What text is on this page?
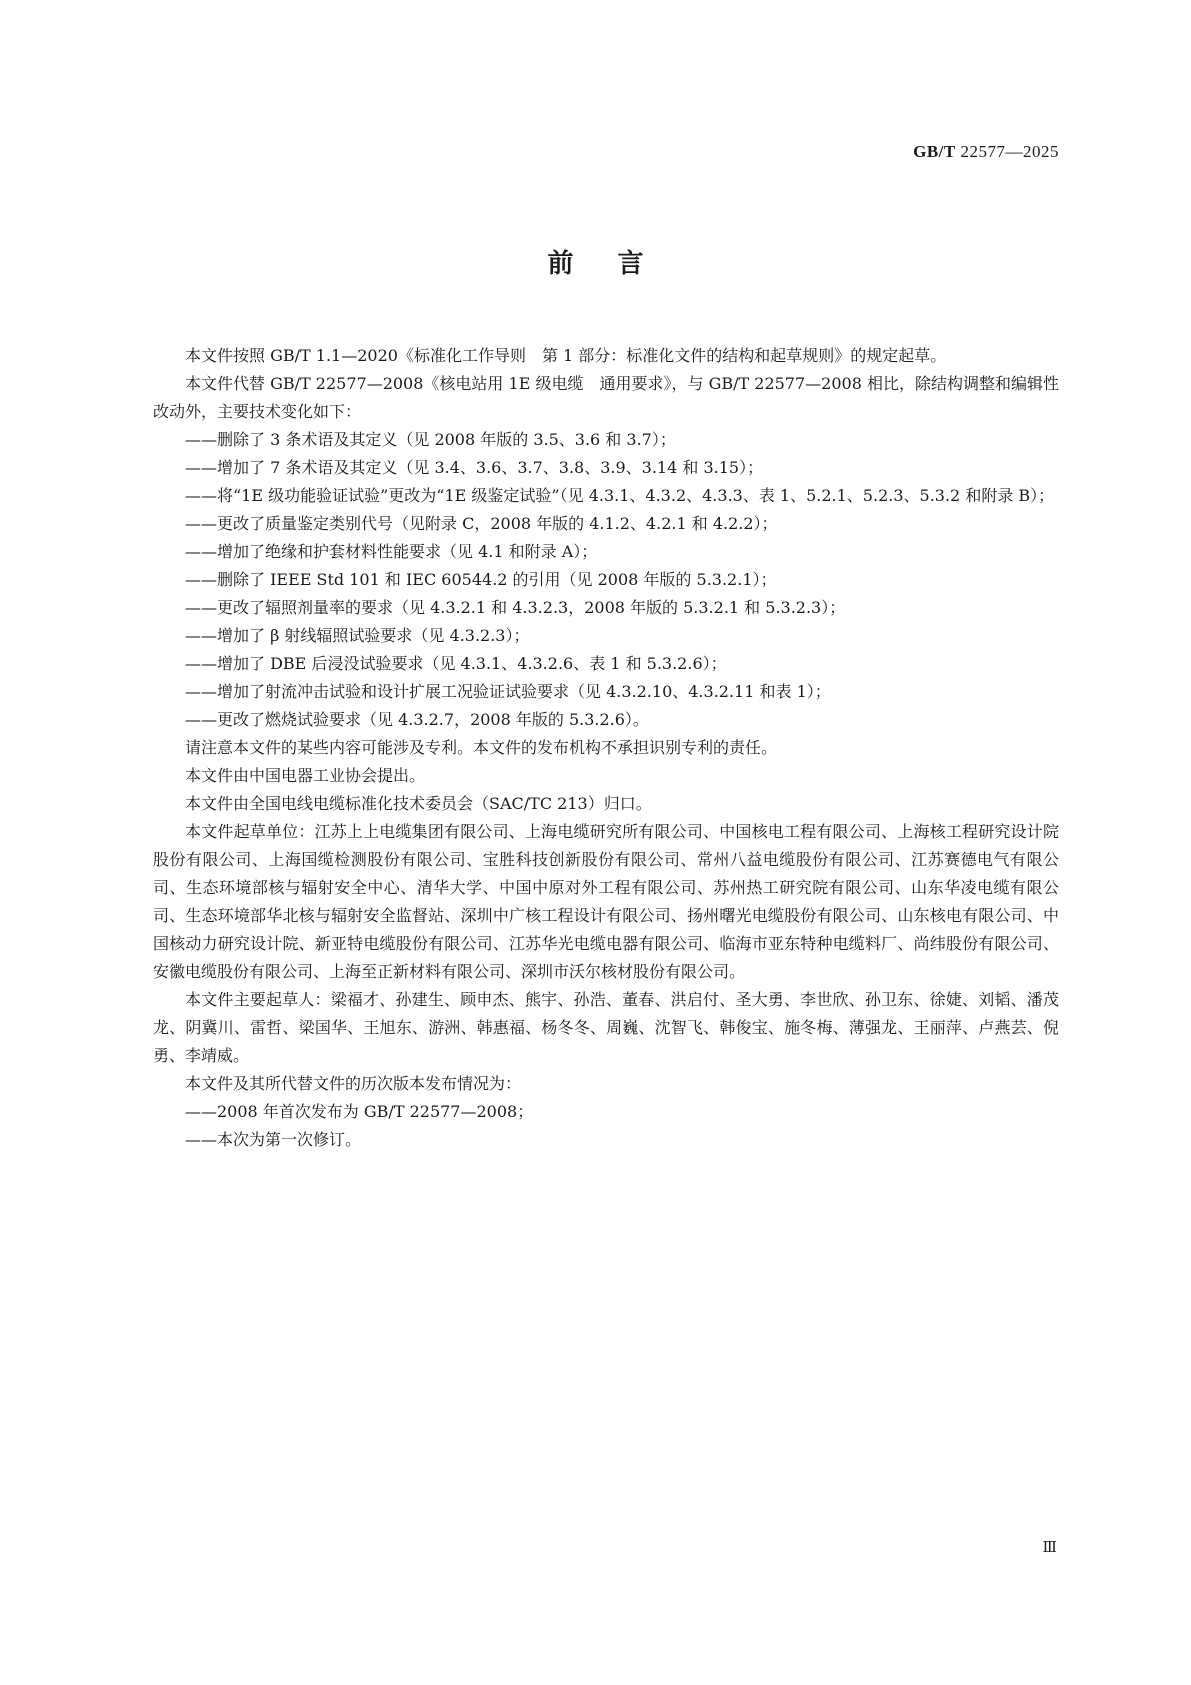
GB/T 22577—2025
前言

本文件按照 GB/T 1.1—2020《标准化工作导则　第 1 部分：标准化文件的结构和起草规则》的规定起草。

本文件代替 GB/T 22577—2008《核电站用 1E 级电缆　通用要求》，与 GB/T 22577—2008 相比，除结构调整和编辑性改动外，主要技术变化如下：

——删除了 3 条术语及其定义（见 2008 年版的 3.5、3.6 和 3.7）；

——增加了 7 条术语及其定义（见 3.4、3.6、3.7、3.8、3.9、3.14 和 3.15）；

——将“1E 级功能验证试验”更改为“1E 级鉴定试验”（见 4.3.1、4.3.2、4.3.3、表 1、5.2.1、5.2.3、5.3.2 和附录 B）；

——更改了质量鉴定类别代号（见附录 C，2008 年版的 4.1.2、4.2.1 和 4.2.2）；

——增加了绝缘和护套材料性能要求（见 4.1 和附录 A）；

——删除了 IEEE Std 101 和 IEC 60544.2 的引用（见 2008 年版的 5.3.2.1）；

——更改了辐照剂量率的要求（见 4.3.2.1 和 4.3.2.3，2008 年版的 5.3.2.1 和 5.3.2.3）；

——增加了 β 射线辐照试验要求（见 4.3.2.3）；

——增加了 DBE 后浸没试验要求（见 4.3.1、4.3.2.6、表 1 和 5.3.2.6）；

——增加了射流冲击试验和设计扩展工况验证试验要求（见 4.3.2.10、4.3.2.11 和表 1）；

——更改了燃烧试验要求（见 4.3.2.7，2008 年版的 5.3.2.6）。

请注意本文件的某些内容可能涉及专利。本文件的发布机构不承担识别专利的责任。

本文件由中国电器工业协会提出。

本文件由全国电线电缆标准化技术委员会（SAC/TC 213）归口。

本文件起草单位：江苏上上电缆集团有限公司、上海电缆研究所有限公司、中国核电工程有限公司、上海核工程研究设计院股份有限公司、上海国缆检测股份有限公司、宝胜科技创新股份有限公司、常州八益电缆股份有限公司、江苏赛德电气有限公司、生态环境部核与辐射安全中心、清华大学、中国中原对外工程有限公司、苏州热工研究院有限公司、山东华凌电缆有限公司、生态环境部华北核与辐射安全监督站、深圳中广核工程设计有限公司、扬州曙光电缆股份有限公司、山东核电有限公司、中国核动力研究设计院、新亚特电缆股份有限公司、江苏华光电缆电器有限公司、临海市亚东特种电缆料厂、尚纬股份有限公司、安徽电缆股份有限公司、上海至正新材料有限公司、深圳市沃尔核材股份有限公司。

本文件主要起草人：梁福才、孙建生、顾申杰、熊宇、孙浩、董春、洪启付、圣大勇、李世欣、孙卫东、徐婕、刘韬、潘茂龙、阴冀川、雷哲、梁国华、王旭东、游洲、韩惠福、杨冬冬、周巍、沈智飞、韩俊宝、施冬梅、薄强龙、王丽萍、卢燕芸、倪勇、李靖威。

本文件及其所代替文件的历次版本发布情况为：

——2008 年首次发布为 GB/T 22577—2008；

——本次为第一次修订。

Ⅲ
